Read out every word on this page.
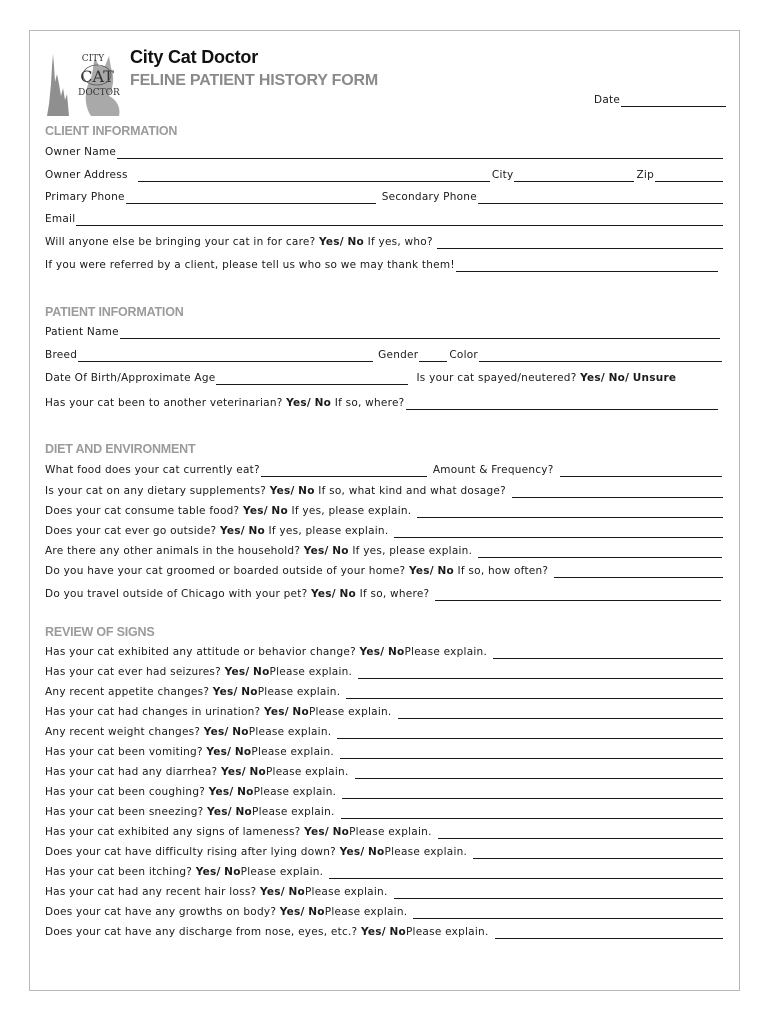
CITY
CAT
DOCTOR
City Cat Doctor
FELINE PATIENT HISTORY FORM
Date
CLIENT INFORMATION
Owner Name
Owner Address	City	Zip
Primary Phone	Secondary Phone
Email
Will anyone else be bringing your cat in for care?
Yes/
No
If yes, who?
If you were referred by a client, please tell us who so we may thank them!
PATIENT INFORMATION
Patient Name
Breed	Gender	Color
Date Of Birth/Approximate Age	Is your cat spayed/neutered?
Yes/
No/
Unsure
Has your cat been to another veterinarian?
Yes/
No
If so, where?
DIET AND ENVIRONMENT
What food does your cat currently eat?	Amount & Frequency?
Is your cat on any dietary supplements?
Yes/
No
If so, what kind and what dosage?
Does your cat consume table food?
Yes/
No
If yes, please explain.
Does your cat ever go outside?
Yes/
No
If yes, please explain.
Are there any other animals in the household?
Yes/
No
If yes, please explain.
Do you have your cat groomed or boarded outside of your home?
Yes/
No
If so, how often?
Do you travel outside of Chicago with your pet?
Yes/
No
If so, where?
REVIEW OF SIGNS
Has your cat exhibited any attitude or behavior change?
Yes/
No Please explain.
Has your cat ever had seizures?
Yes/
No Please explain.
Any recent appetite changes?
Yes/
No Please explain.
Has your cat had changes in urination?
Yes/
No Please explain.
Any recent weight changes?
Yes/
No Please explain.
Has your cat been vomiting?
Yes/
No Please explain.
Has your cat had any diarrhea?
Yes/
No Please explain.
Has your cat been coughing?
Yes/
No Please explain.
Has your cat been sneezing?
Yes/
No Please explain.
Has your cat exhibited any signs of lameness?
Yes/
No Please explain.
Does your cat have difficulty rising after lying down?
Yes/
No Please explain.
Has your cat been itching?
Yes/
No Please explain.
Has your cat had any recent hair loss?
Yes/
No Please explain.
Does your cat have any growths on body?
Yes/
No Please explain.
Does your cat have any discharge from nose, eyes, etc.?
Yes/
No Please explain.
